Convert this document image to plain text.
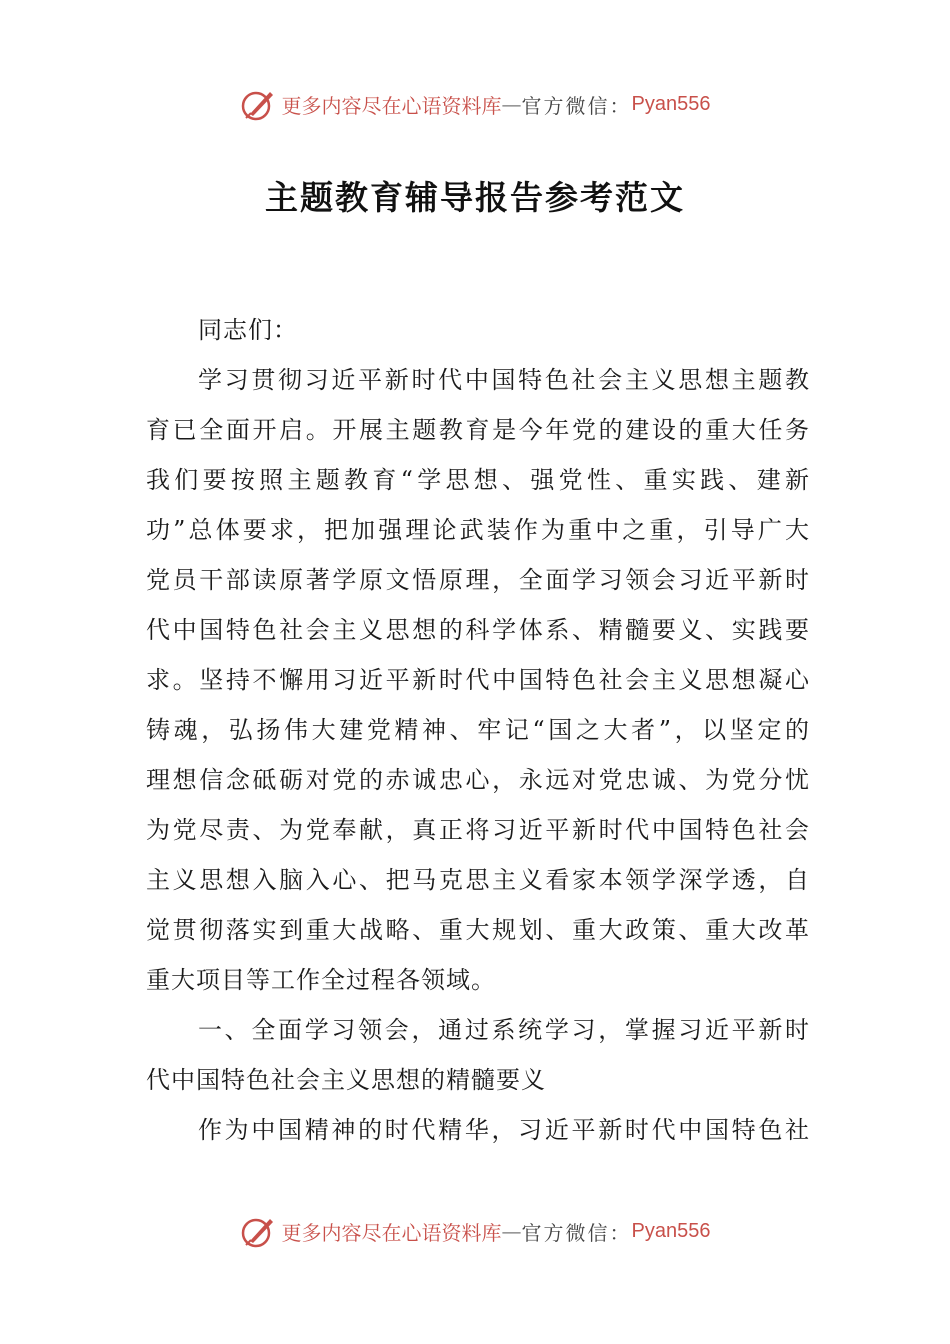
更多内容尽在心语资料库 — 官方微信： Pyan556
主题教育辅导报告参考范文
同志们：
学习贯彻习近平新时代中国特色社会主义思想主题教
育已全面开启。开展主题教育是今年党的建设的重大任务
我们要按照主题教育“学思想、强党性、重实践、建新
功”总体要求，把加强理论武装作为重中之重，引导广大
党员干部读原著学原文悟原理，全面学习领会习近平新时
代中国特色社会主义思想的科学体系、精髓要义、实践要
求。坚持不懈用习近平新时代中国特色社会主义思想凝心
铸魂，弘扬伟大建党精神、牢记“国之大者”，以坚定的
理想信念砥砺对党的赤诚忠心，永远对党忠诚、为党分忧
为党尽责、为党奉献，真正将习近平新时代中国特色社会
主义思想入脑入心、把马克思主义看家本领学深学透，自
觉贯彻落实到重大战略、重大规划、重大政策、重大改革
重大项目等工作全过程各领域。
一、全面学习领会，通过系统学习，掌握习近平新时
代中国特色社会主义思想的精髓要义
作为中国精神的时代精华，习近平新时代中国特色社
更多内容尽在心语资料库 — 官方微信： Pyan556
